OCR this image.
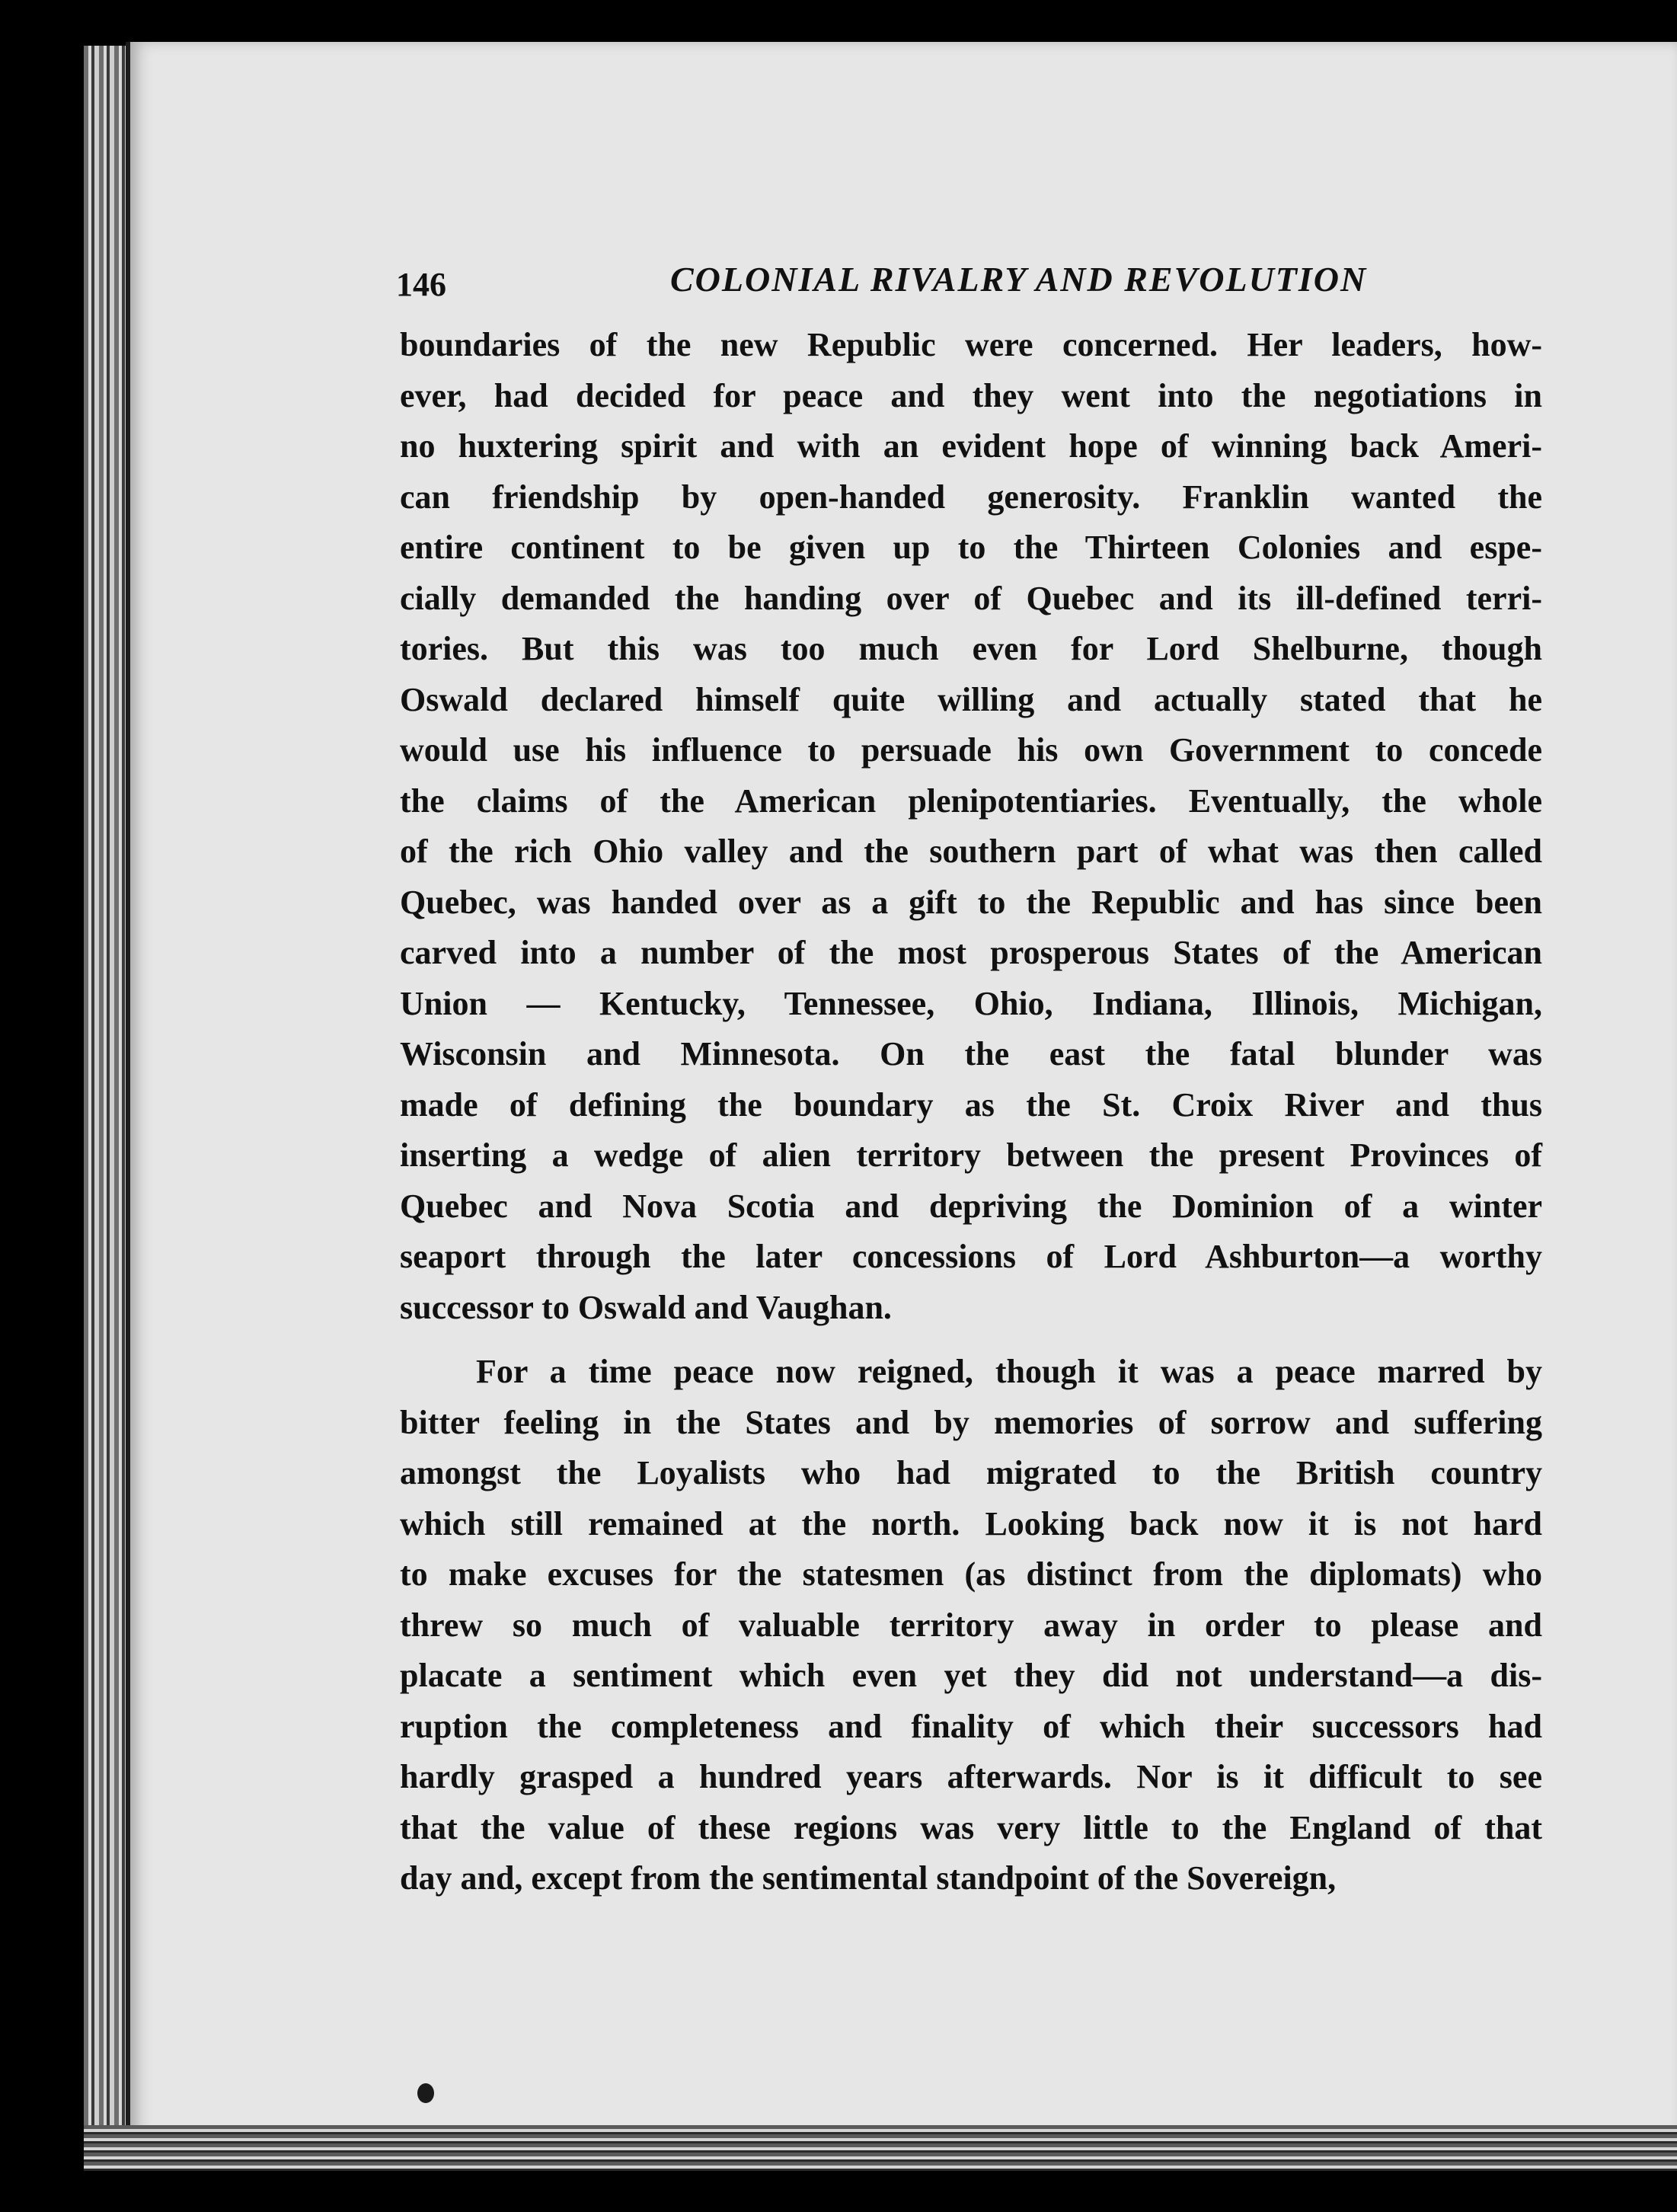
146	COLONIAL RIVALRY AND REVOLUTION
boundaries of the new Republic were concerned. Her leaders, how-
ever, had decided for peace and they went into the negotiations in
no huxtering spirit and with an evident hope of winning back Ameri-
can friendship by open-handed generosity. Franklin wanted the
entire continent to be given up to the Thirteen Colonies and espe-
cially demanded the handing over of Quebec and its ill-defined terri-
tories. But this was too much even for Lord Shelburne, though
Oswald declared himself quite willing and actually stated that he
would use his influence to persuade his own Government to concede
the claims of the American plenipotentiaries. Eventually, the whole
of the rich Ohio valley and the southern part of what was then called
Quebec, was handed over as a gift to the Republic and has since been
carved into a number of the most prosperous States of the American
Union — Kentucky, Tennessee, Ohio, Indiana, Illinois, Michigan,
Wisconsin and Minnesota. On the east the fatal blunder was
made of defining the boundary as the St. Croix River and thus
inserting a wedge of alien territory between the present Provinces of
Quebec and Nova Scotia and depriving the Dominion of a winter
seaport through the later concessions of Lord Ashburton—a worthy
successor to Oswald and Vaughan.
For a time peace now reigned, though it was a peace marred by
bitter feeling in the States and by memories of sorrow and suffering
amongst the Loyalists who had migrated to the British country
which still remained at the north. Looking back now it is not hard
to make excuses for the statesmen (as distinct from the diplomats) who
threw so much of valuable territory away in order to please and
placate a sentiment which even yet they did not understand—a dis-
ruption the completeness and finality of which their successors had
hardly grasped a hundred years afterwards. Nor is it difficult to see
that the value of these regions was very little to the England of that
day and, except from the sentimental standpoint of the Sovereign,
